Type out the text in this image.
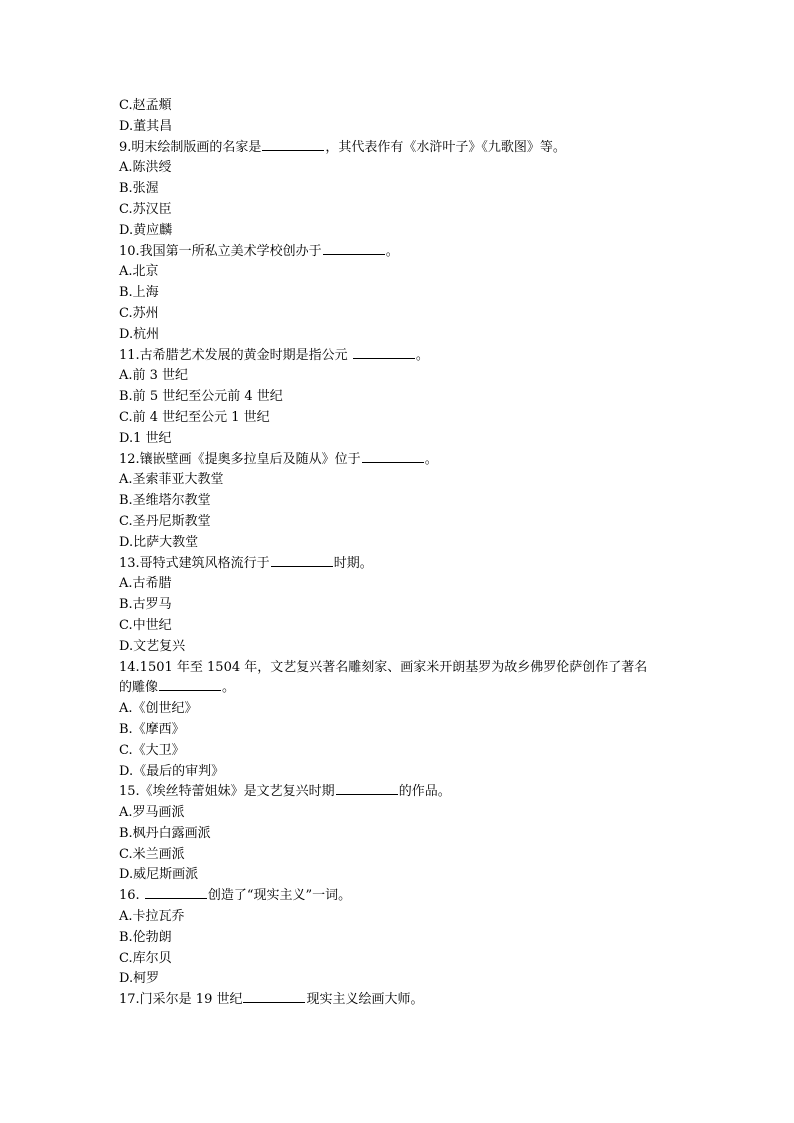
C.赵孟頫
D.董其昌
9.明末绘制版画的名家是	，其代表作有《水浒叶子》《九歌图》等。
A.陈洪绶
B.张渥
C.苏汉臣
D.黄应麟
10.我国第一所私立美术学校创办于	。
A.北京
B.上海
C.苏州
D.杭州
11.古希腊艺术发展的黄金时期是指公元	。
A.前 3 世纪
B.前 5 世纪至公元前 4 世纪
C.前 4 世纪至公元 1 世纪
D.1 世纪
12.镶嵌壁画《提奥多拉皇后及随从》位于	。
A.圣索菲亚大教堂
B.圣维塔尔教堂
C.圣丹尼斯教堂
D.比萨大教堂
13.哥特式建筑风格流行于	时期。
A.古希腊
B.古罗马
C.中世纪
D.文艺复兴
14.1501 年至 1504 年，文艺复兴著名雕刻家、画家米开朗基罗为故乡佛罗伦萨创作了著名
的雕像	。
A.《创世纪》
B.《摩西》
C.《大卫》
D.《最后的审判》
15.《埃丝特蕾姐妹》是文艺复兴时期	的作品。
A.罗马画派
B.枫丹白露画派
C.米兰画派
D.威尼斯画派
16.	创造了“现实主义”一词。
A.卡拉瓦乔
B.伦勃朗
C.库尔贝
D.柯罗
17.门采尔是 19 世纪	现实主义绘画大师。
